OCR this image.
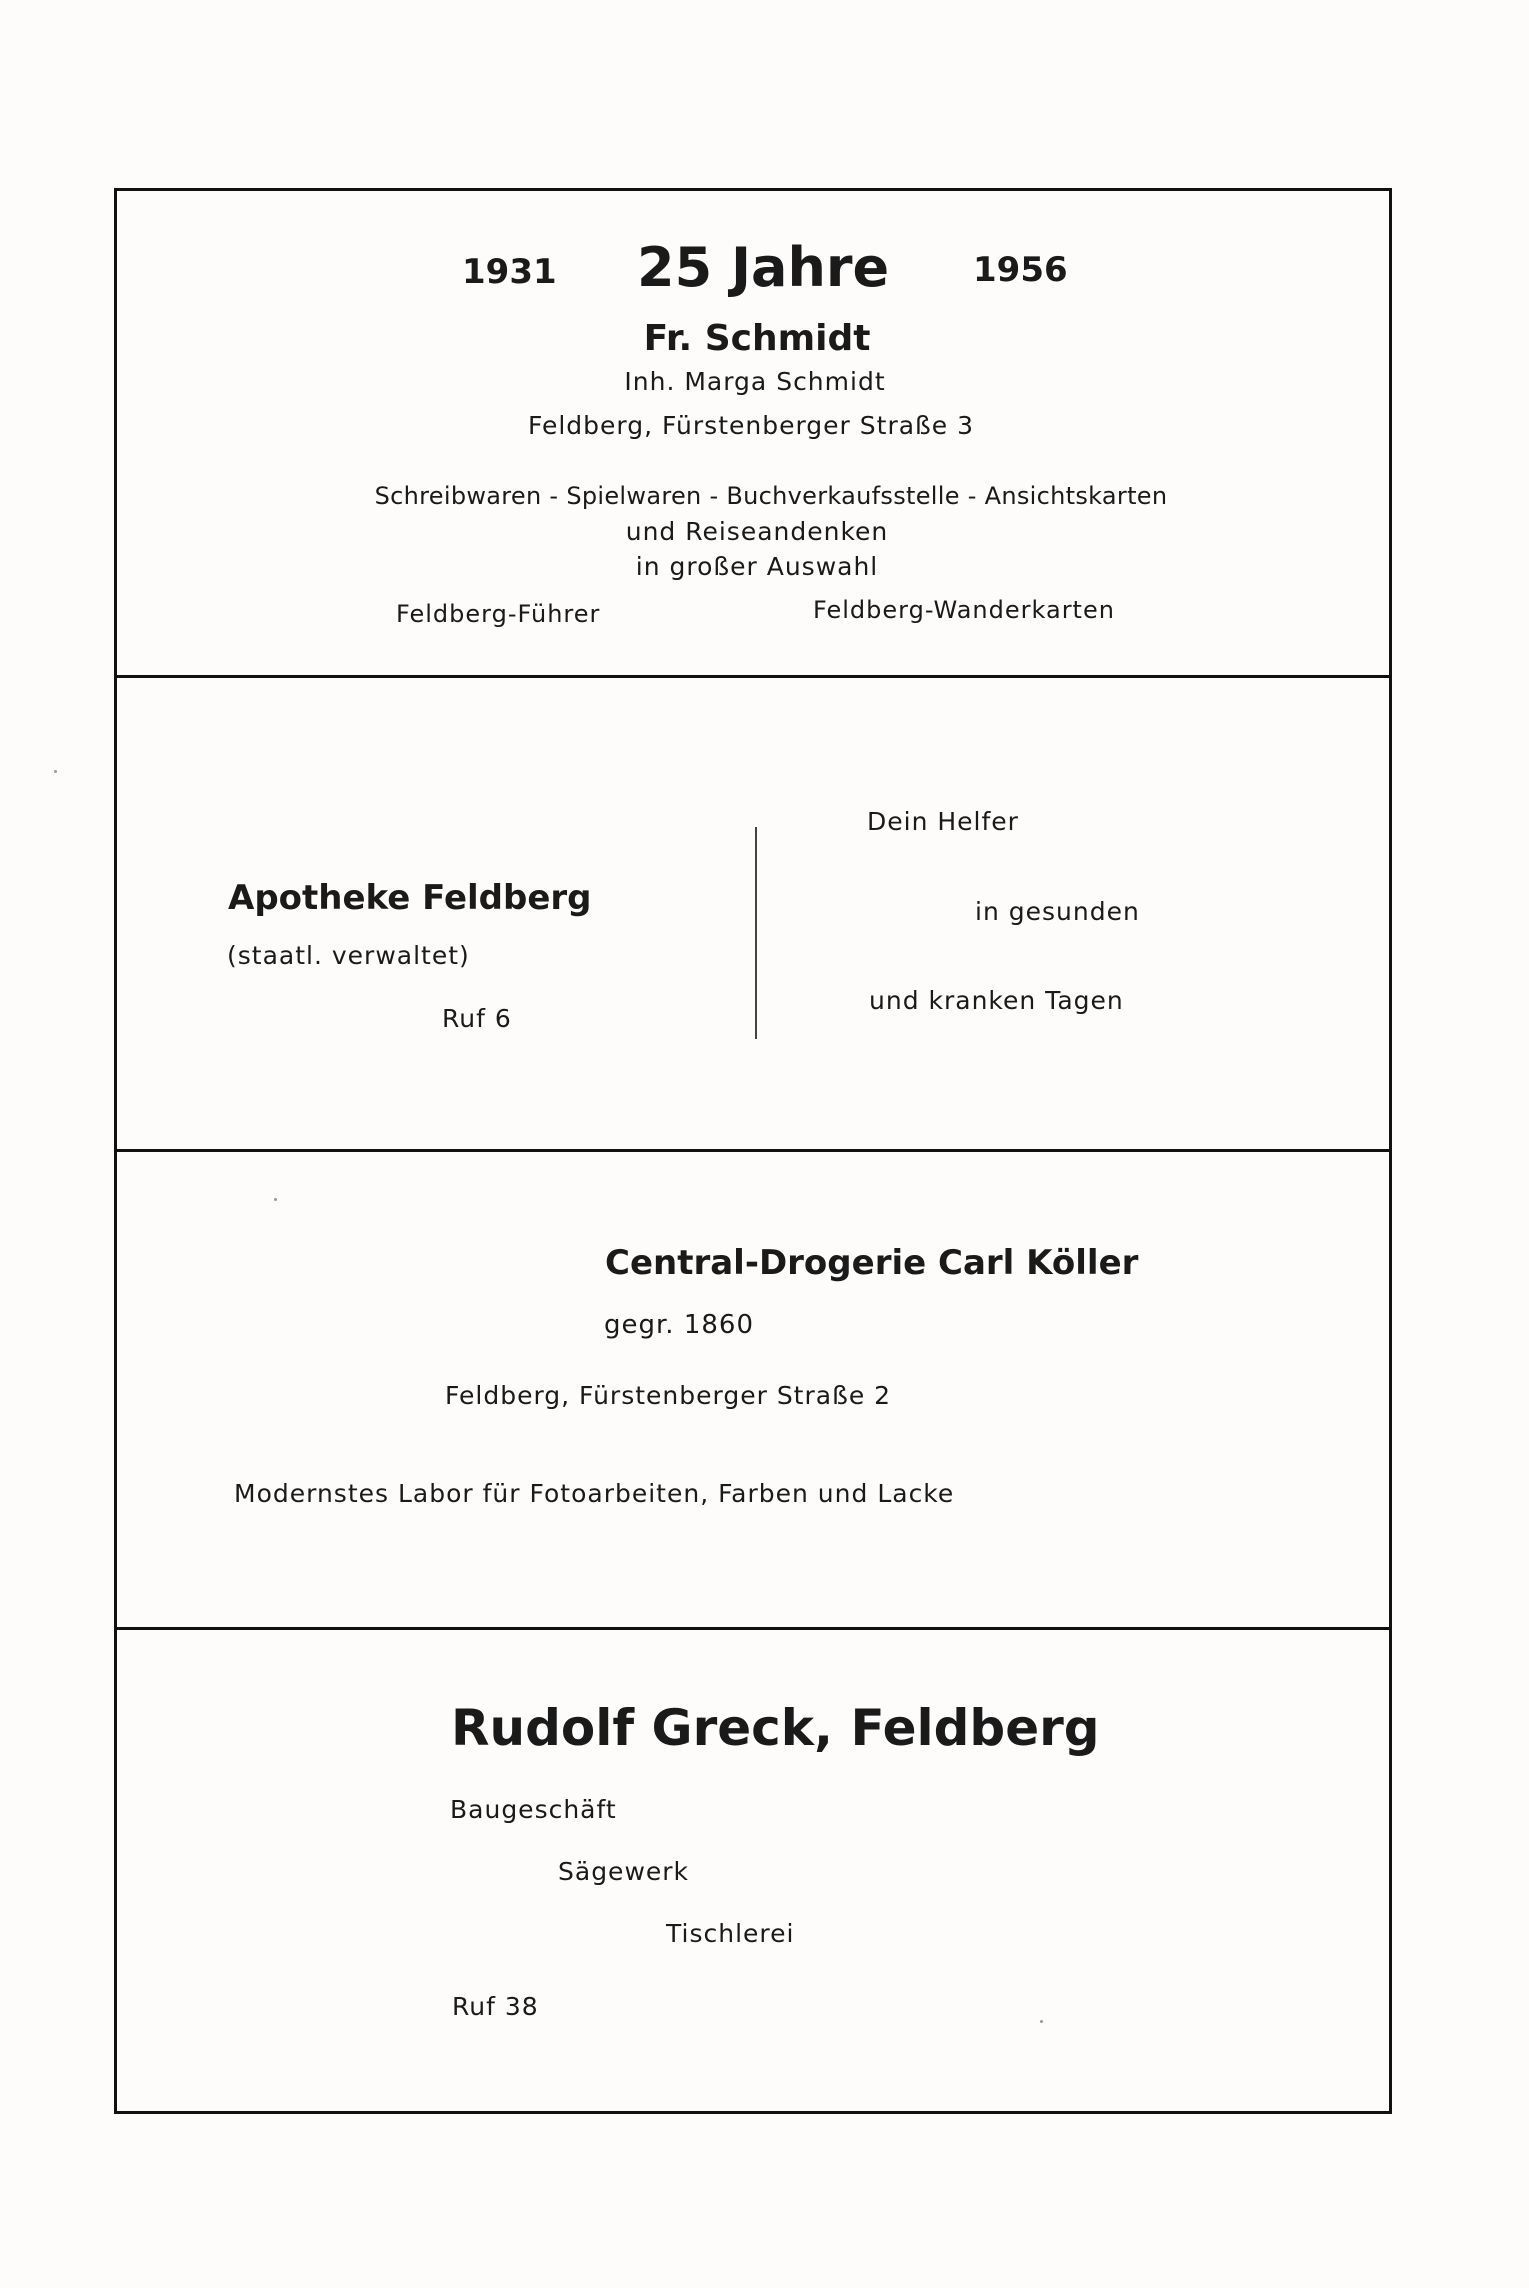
1931 25 Jahre 1956
Fr. Schmidt
Inh. Marga Schmidt
Feldberg, Fürstenberger Straße 3
Schreibwaren - Spielwaren - Buchverkaufsstelle - Ansichtskarten
und Reiseandenken
in großer Auswahl
Feldberg-Führer	Feldberg-Wanderkarten
Apotheke Feldberg
(staatl. verwaltet)
Ruf 6
Dein Helfer
in gesunden
und kranken Tagen
Central-Drogerie Carl Köller
gegr. 1860
Feldberg, Fürstenberger Straße 2
Modernstes Labor für Fotoarbeiten, Farben und Lacke
Rudolf Greck, Feldberg
Baugeschäft
Sägewerk
Tischlerei
Ruf 38
